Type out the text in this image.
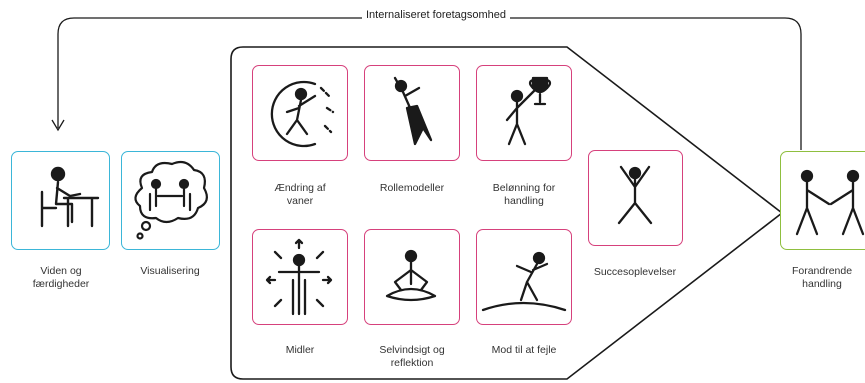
Internaliseret foretagsomhed
Viden og
færdigheder
Visualisering
Ændring af
vaner
Rollemodeller	Belønning for
handling
Midler	Selvindsigt og
reflektion
Mod til at fejle
Succesoplevelser	Forandrende
handling
